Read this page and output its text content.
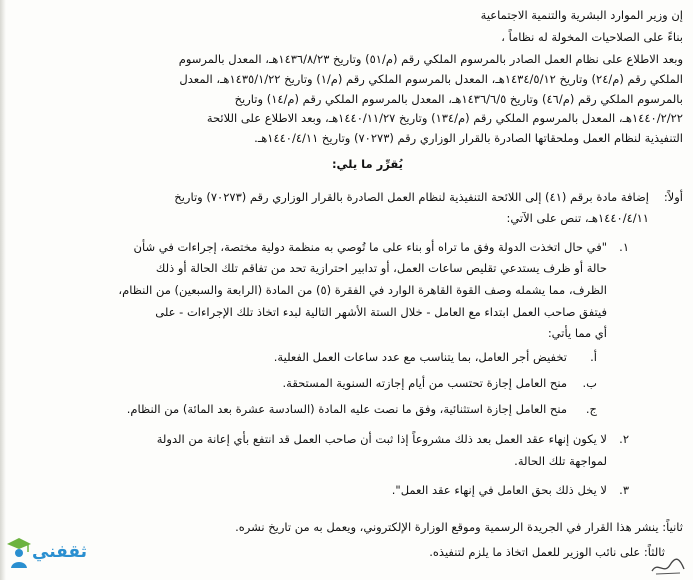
إن وزير الموارد البشرية والتنمية الاجتماعية
بناءً على الصلاحيات المخولة له نظاماً ،
وبعد الاطلاع على نظام العمل الصادر بالمرسوم الملكي رقم (م/٥١) وتاريخ ١٤٣٦/٨/٢٣هـ، المعدل بالمرسوم
الملكي رقم (م/٢٤) وتاريخ ١٤٣٤/٥/١٢هـ، المعدل بالمرسوم الملكي رقم (م/١) وتاريخ ١٤٣٥/١/٢٢هـ، المعدل
بالمرسوم الملكي رقم (م/٤٦) وتاريخ ١٤٣٦/٦/٥هـ، المعدل بالمرسوم الملكي رقم (م/١٤) وتاريخ
١٤٤٠/٢/٢٢هـ، المعدل بالمرسوم الملكي رقم (م/١٣٤) وتاريخ ١٤٤٠/١١/٢٧هـ، وبعد الاطلاع على اللائحة
التنفيذية لنظام العمل وملحقاتها الصادرة بالقرار الوزاري رقم (٧٠٢٧٣) وتاريخ ١٤٤٠/٤/١١هـ.
يُقرِّر ما يلي:
أولاً:
إضافة مادة برقم (٤١) إلى اللائحة التنفيذية لنظام العمل الصادرة بالقرار الوزاري رقم (٧٠٢٧٣) وتاريخ
١٤٤٠/٤/١١هـ، تنص على الآتي:
١.
"في حال اتخذت الدولة وفق ما تراه أو بناء على ما تُوصي به منظمة دولية مختصة، إجراءات في شأن
حالة أو ظرف يستدعي تقليص ساعات العمل، أو تدابير احترازية تحد من تفاقم تلك الحالة أو ذلك
الظرف، مما يشمله وصف القوة القاهرة الوارد في الفقرة (٥) من المادة (الرابعة والسبعين) من النظام،
فيتفق صاحب العمل ابتداء مع العامل - خلال الستة الأشهر التالية لبدء اتخاذ تلك الإجراءات - على
أي مما يأتي:
أ.
تخفيض أجر العامل، بما يتناسب مع عدد ساعات العمل الفعلية.
ب.
منح العامل إجازة تحتسب من أيام إجازته السنوية المستحقة.
ج.
منح العامل إجازة استثنائية، وفق ما نصت عليه المادة (السادسة عشرة بعد المائة) من النظام.
٢.
لا يكون إنهاء عقد العمل بعد ذلك مشروعاً إذا ثبت أن صاحب العمل قد انتفع بأي إعانة من الدولة
لمواجهة تلك الحالة.
٣.
لا يخل ذلك بحق العامل في إنهاء عقد العمل".
ثانياً: ينشر هذا القرار في الجريدة الرسمية وموقع الوزارة الإلكتروني، ويعمل به من تاريخ نشره.
ثالثاً: على نائب الوزير للعمل اتخاذ ما يلزم لتنفيذه.
ثقفني
